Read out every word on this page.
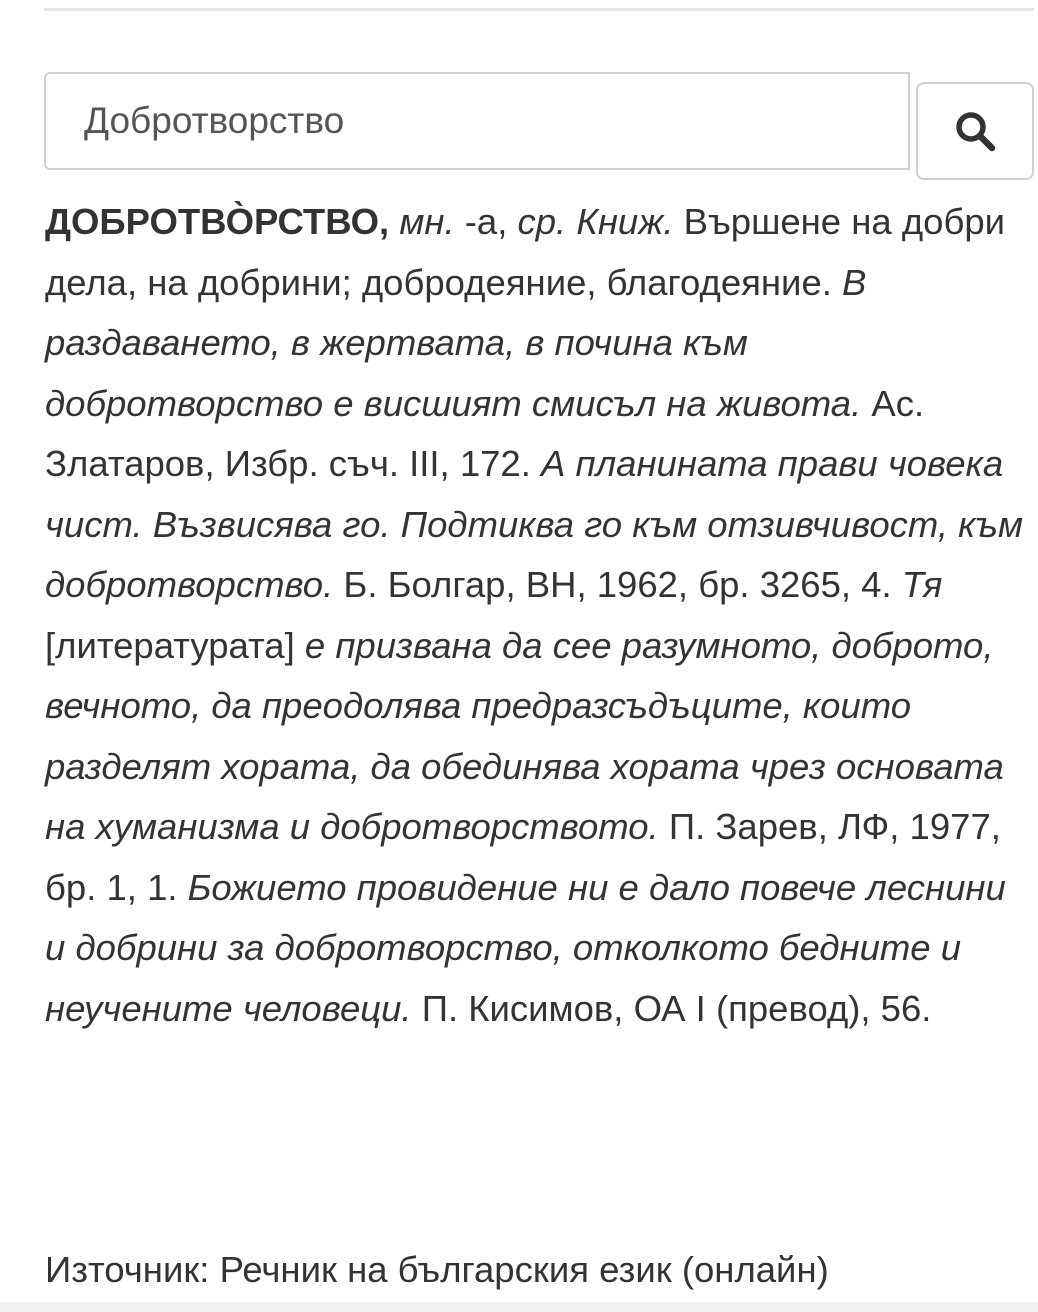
Добротворство

ДОБРОТВО̀РСТВО, мн. -а, ср. Книж. Вършене на добри дела, на добрини; добродеяние, благодеяние. В раздаването, в жертвата, в почина към добротворство е висшият смисъл на живота. Ас. Златаров, Избр. съч. III, 172. А планината прави човека чист. Възвисява го. Подтиква го към отзивчивост, към добротворство. Б. Болгар, ВН, 1962, бр. 3265, 4. Тя [литературата] е призвана да сее разумното, доброто, вечното, да преодолява предразсъдъците, които разделят хората, да обединява хората чрез основата на хуманизма и добротворството. П. Зарев, ЛФ, 1977, бр. 1, 1. Божието провидение ни е дало повече леснини и добрини за добротворство, отколкото бедните и неучените человеци. П. Кисимов, ОА I (превод), 56.

Източник: Речник на българския език (онлайн)
